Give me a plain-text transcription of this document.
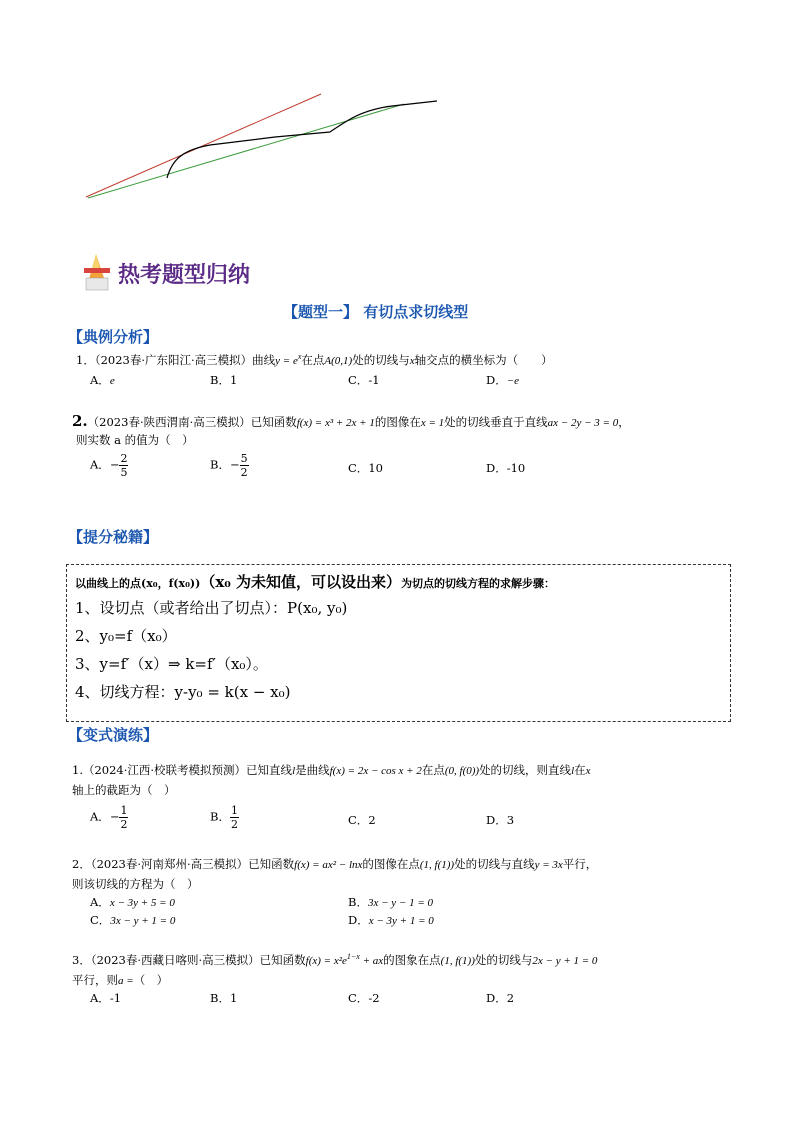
热考题型归纳
【题型一】 有切点求切线型
【典例分析】
1．（2023春·广东阳江·高三模拟）曲线$y = e^x$在点A(0,1)处的切线与x轴交点的横坐标为（　　）
A．e	B．1	C．-1	D．−e
2.（2023春·陕西渭南·高三模拟）已知函数f(x) = x³ + 2x + 1的图像在x = 1处的切线垂直于直线ax − 2y − 3 = 0，
则实数 a 的值为（　）
A．− $\frac{2}{5}$	B．− $\frac{5}{2}$	C．10	D．-10
【提分秘籍】
以曲线上的点(x₀，f(x₀))（x₀ 为未知值，可以设出来）为切点的切线方程的求解步骤：
1、设切点（或者给出了切点）：P(x₀, y₀)
2、y₀=f（x₀）
3、y=f′（x）⇒ k=f′（x₀）。
4、切线方程：y-y₀ = k(x − x₀)
【变式演练】
1.（2024·江西·校联考模拟预测）已知直线l是曲线f(x) = 2x − cos x + 2在点(0, f(0))处的切线，则直线l在x
轴上的截距为（　）
A．− $\frac{1}{2}$	B． $\frac{1}{2}$	C．2	D．3
2．（2023春·河南郑州·高三模拟）已知函数f(x) = ax² − lnx的图像在点(1, f(1))处的切线与直线y = 3x平行，
则该切线的方程为（　）
A．x − 3y + 5 = 0	B．3x − y − 1 = 0
C．3x − y + 1 = 0	D．x − 3y + 1 = 0
3．（2023春·西藏日喀则·高三模拟）已知函数$f(x) = x^2e^{1-x}$ + ax的图象在点(1, f(1))处的切线与2x − y + 1 = 0
平行，则a =（　）
A．-1	B．1	C．-2	D．2
